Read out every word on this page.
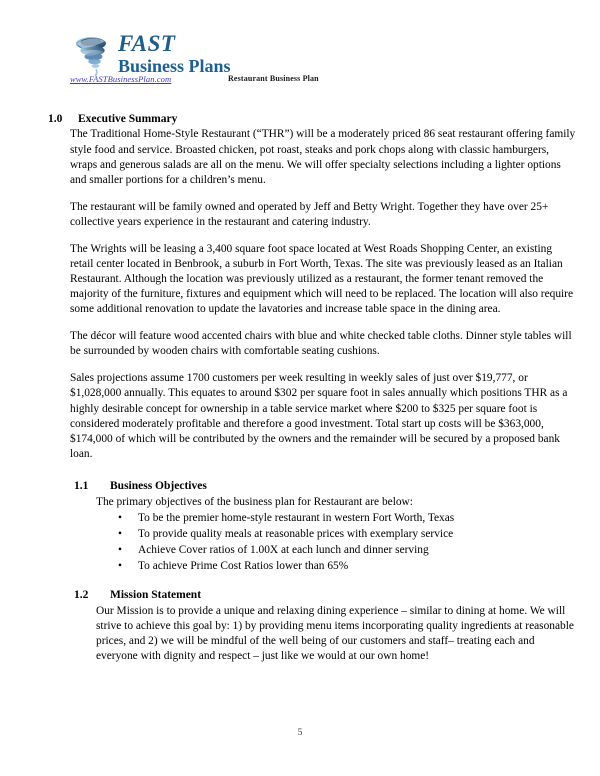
FAST
Business Plans
www.FASTBusinessPlan.com	Restaurant Business Plan
1.0	Executive Summary

The Traditional Home-Style Restaurant (“THR”) will be a moderately priced 86 seat restaurant offering family style food and service. Broasted chicken, pot roast, steaks and pork chops along with classic hamburgers, wraps and generous salads are all on the menu. We will offer specialty selections including a lighter options and smaller portions for a children’s menu.

The restaurant will be family owned and operated by Jeff and Betty Wright. Together they have over 25+ collective years experience in the restaurant and catering industry.

The Wrights will be leasing a 3,400 square foot space located at West Roads Shopping Center, an existing retail center located in Benbrook, a suburb in Fort Worth, Texas. The site was previously leased as an Italian Restaurant. Although the location was previously utilized as a restaurant, the former tenant removed the majority of the furniture, fixtures and equipment which will need to be replaced. The location will also require some additional renovation to update the lavatories and increase table space in the dining area.

The décor will feature wood accented chairs with blue and white checked table cloths. Dinner style tables will be surrounded by wooden chairs with comfortable seating cushions.

Sales projections assume 1700 customers per week resulting in weekly sales of just over $19,777, or $1,028,000 annually. This equates to around $302 per square foot in sales annually which positions THR as a highly desirable concept for ownership in a table service market where $200 to $325 per square foot is considered moderately profitable and therefore a good investment. Total start up costs will be $363,000, $174,000 of which will be contributed by the owners and the remainder will be secured by a proposed bank loan.

1.1	Business Objectives

The primary objectives of the business plan for Restaurant are below:

• To be the premier home-style restaurant in western Fort Worth, Texas
• To provide quality meals at reasonable prices with exemplary service
• Achieve Cover ratios of 1.00X at each lunch and dinner serving
• To achieve Prime Cost Ratios lower than 65%
1.2	Mission Statement

Our Mission is to provide a unique and relaxing dining experience – similar to dining at home. We will strive to achieve this goal by: 1) by providing menu items incorporating quality ingredients at reasonable prices, and 2) we will be mindful of the well being of our customers and staff– treating each and everyone with dignity and respect – just like we would at our own home!

5
